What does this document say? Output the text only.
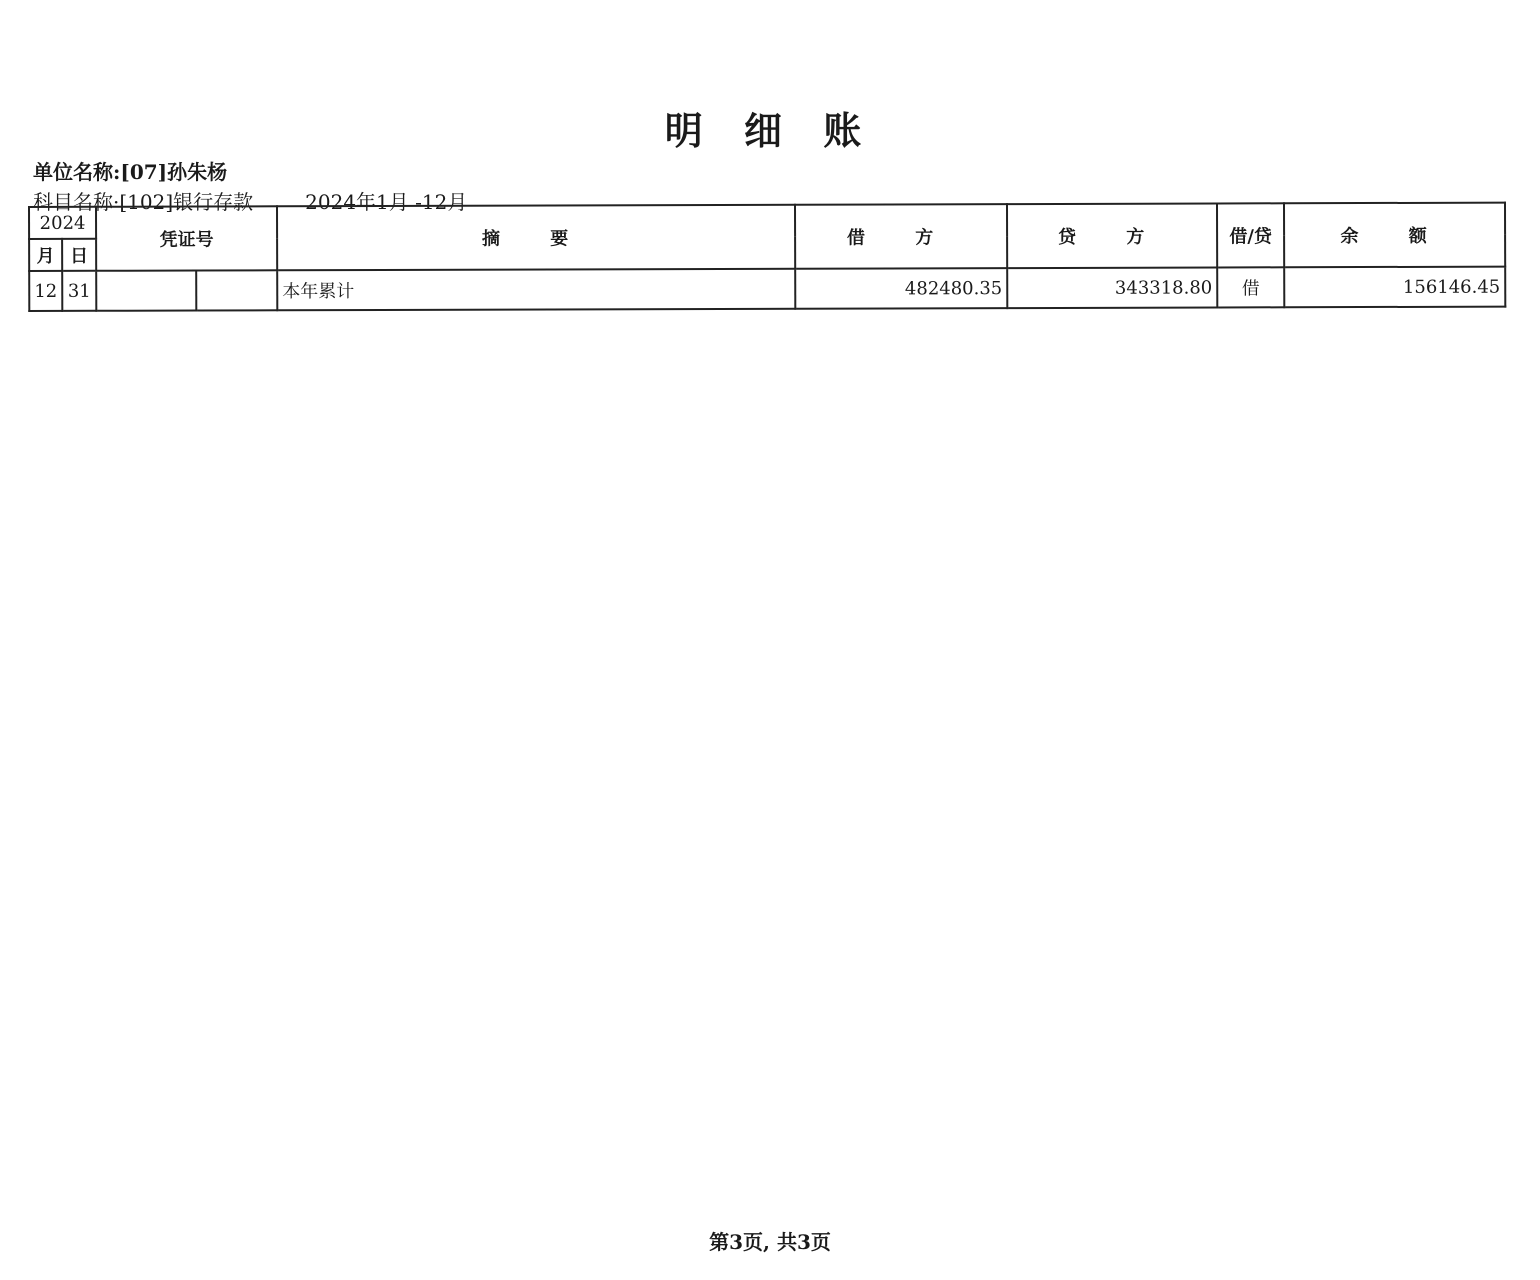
明 细 账
单位名称:[07]孙朱杨
科目名称·[102]银行存款	2024年1月 -12月
2024		凭证号		摘 要	借 方	贷 方	借/贷	余 额
月	日							
12	31			本年累计	482480.35	343318.80	借	156146.45
第3页, 共3页
